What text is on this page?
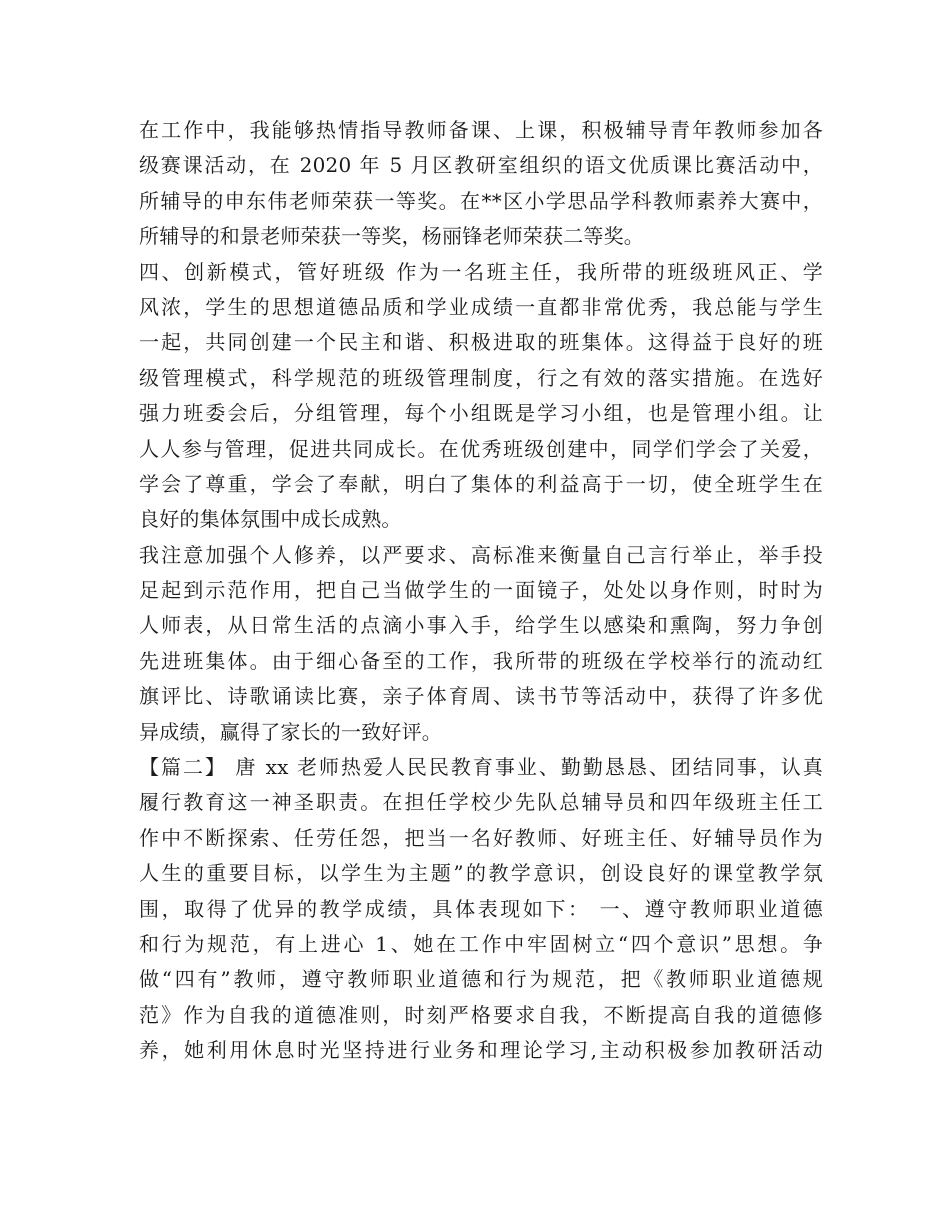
在工作中，我能够热情指导教师备课、上课，积极辅导青年教师参加各
级赛课活动，在 2020 年 5 月区教研室组织的语文优质课比赛活动中，
所辅导的申东伟老师荣获一等奖。在**区小学思品学科教师素养大赛中，
所辅导的和景老师荣获一等奖，杨丽锋老师荣获二等奖。
四、创新模式，管好班级 作为一名班主任，我所带的班级班风正、学
风浓，学生的思想道德品质和学业成绩一直都非常优秀，我总能与学生
一起，共同创建一个民主和谐、积极进取的班集体。这得益于良好的班
级管理模式，科学规范的班级管理制度，行之有效的落实措施。在选好
强力班委会后，分组管理，每个小组既是学习小组，也是管理小组。让
人人参与管理，促进共同成长。在优秀班级创建中，同学们学会了关爱，
学会了尊重，学会了奉献，明白了集体的利益高于一切，使全班学生在
良好的集体氛围中成长成熟。
我注意加强个人修养，以严要求、高标准来衡量自己言行举止，举手投
足起到示范作用，把自己当做学生的一面镜子，处处以身作则，时时为
人师表，从日常生活的点滴小事入手，给学生以感染和熏陶，努力争创
先进班集体。由于细心备至的工作，我所带的班级在学校举行的流动红
旗评比、诗歌诵读比赛，亲子体育周、读书节等活动中，获得了许多优
异成绩，赢得了家长的一致好评。
【篇二】 唐 xx 老师热爱人民民教育事业、勤勤恳恳、团结同事，认真
履行教育这一神圣职责。在担任学校少先队总辅导员和四年级班主任工
作中不断探索、任劳任怨，把当一名好教师、好班主任、好辅导员作为
人生的重要目标，以学生为主题”的教学意识，创设良好的课堂教学氛
围，取得了优异的教学成绩，具体表现如下： 一、遵守教师职业道德
和行为规范，有上进心 1、她在工作中牢固树立“四个意识”思想。争
做“四有”教师，遵守教师职业道德和行为规范，把《教师职业道德规
范》作为自我的道德准则，时刻严格要求自我，不断提高自我的道德修
养，她利用休息时光坚持进行业务和理论学习,主动积极参加教研活动
